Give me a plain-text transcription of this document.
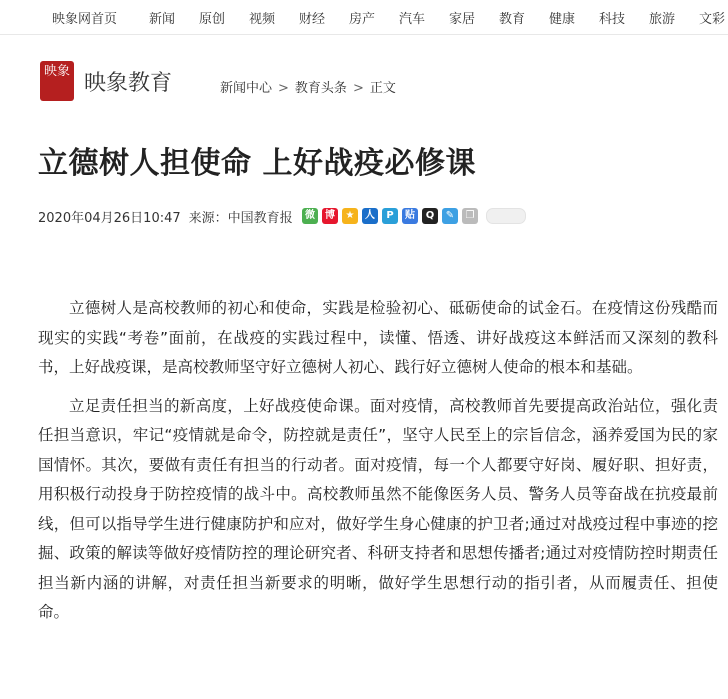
映象网首页 新闻 原创 视频 财经 房产 汽车 家居 教育 健康 科技 旅游 文彩
映象 映象教育	新闻中心 > 教育头条 > 正文
立德树人担使命 上好战疫必修课
2020年04月26日10:47 来源：中国教育报	微	博	★	人	P	贴	Q	✎	❐

立德树人是高校教师的初心和使命，实践是检验初心、砥砺使命的试金石。在疫情这份残酷而现实的实践“考卷”面前，在战疫的实践过程中，读懂、悟透、讲好战疫这本鲜活而又深刻的教科书，上好战疫课，是高校教师坚守好立德树人初心、践行好立德树人使命的根本和基础。

立足责任担当的新高度，上好战疫使命课。面对疫情，高校教师首先要提高政治站位，强化责任担当意识，牢记“疫情就是命令，防控就是责任”，坚守人民至上的宗旨信念，涵养爱国为民的家国情怀。其次，要做有责任有担当的行动者。面对疫情，每一个人都要守好岗、履好职、担好责，用积极行动投身于防控疫情的战斗中。高校教师虽然不能像医务人员、警务人员等奋战在抗疫最前线，但可以指导学生进行健康防护和应对，做好学生身心健康的护卫者;通过对战疫过程中事迹的挖掘、政策的解读等做好疫情防控的理论研究者、科研支持者和思想传播者;通过对疫情防控时期责任担当新内涵的讲解，对责任担当新要求的明晰，做好学生思想行动的指引者，从而履责任、担使命。
